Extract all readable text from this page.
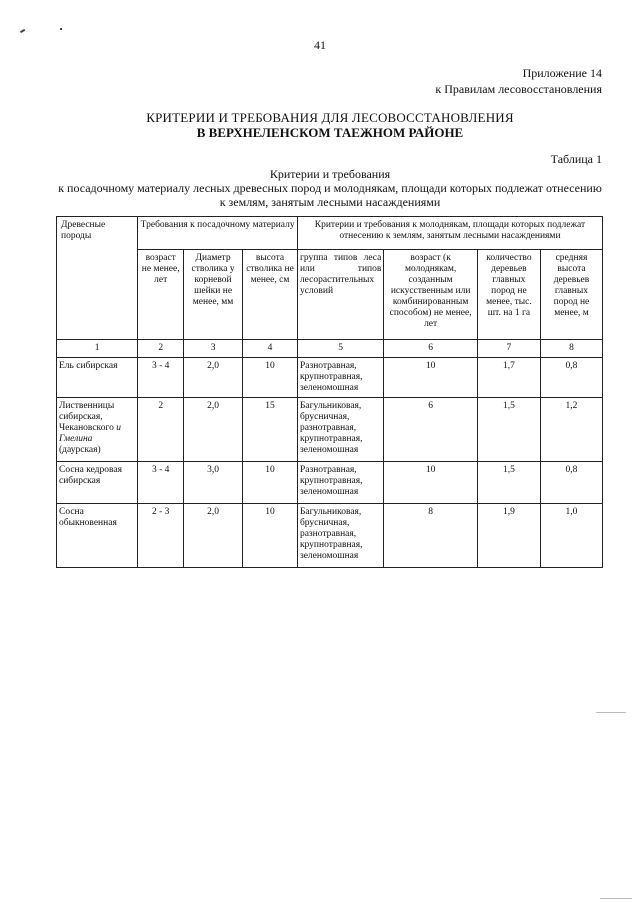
41
Приложение 14
к Правилам лесовосстановления
КРИТЕРИИ И ТРЕБОВАНИЯ ДЛЯ ЛЕСОВОССТАНОВЛЕНИЯ
В ВЕРХНЕЛЕНСКОМ ТАЕЖНОМ РАЙОНЕ
Таблица 1
Критерии и требования
к посадочному материалу лесных древесных пород и молоднякам, площади которых подлежат отнесению
к землям, занятым лесными насаждениями
Древесные породы	Требования к посадочному материалу			Критерии и требования к молоднякам, площади которых подлежат отнесению к землям, занятым лесными насаждениями			
	возраст не менее, лет	Диаметр стволика у корневой шейки не менее, мм	высота стволика не менее, см	группа типов леса или типов лесорастительных условий	возраст (к молоднякам, созданным искусственным или комбинированным способом) не менее, лет	количество деревьев главных пород не менее, тыс. шт. на 1 га	средняя высота деревьев главных пород не менее, м
1	2	3	4	5	6	7	8
Ель сибирская	3 - 4	2,0	10	Разнотравная, крупнотравная, зеленомошная	10	1,7	0,8
Лиственницы сибирская, Чекановского и Гмелина (даурская)	2	2,0	15	Багульниковая, брусничная, разнотравная, крупнотравная, зеленомошная	6	1,5	1,2
Сосна кедровая сибирская	3 - 4	3,0	10	Разнотравная, крупнотравная, зеленомошная	10	1,5	0,8
Сосна обыкновенная	2 - 3	2,0	10	Багульниковая, брусничная, разнотравная, крупнотравная, зеленомошная	8	1,9	1,0
